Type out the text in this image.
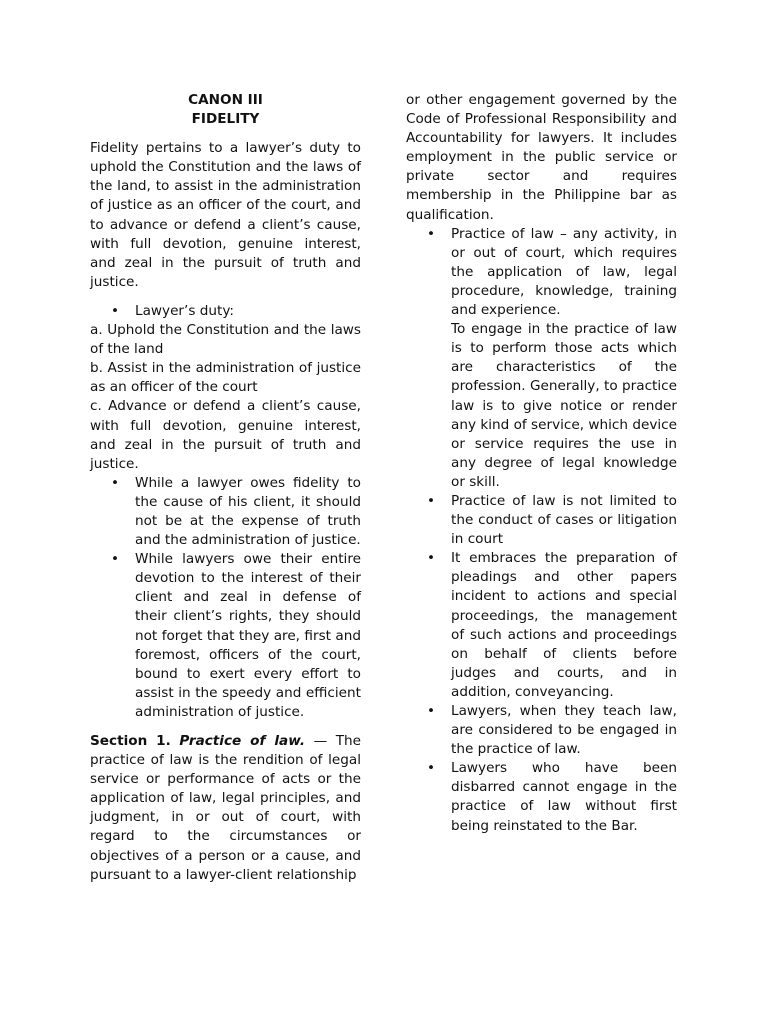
CANON III
FIDELITY

Fidelity pertains to a lawyer’s duty to uphold the Constitution and the laws of the land, to assist in the administration of justice as an officer of the court, and to advance or defend a client’s cause, with full devotion, genuine interest, and zeal in the pursuit of truth and justice.

• Lawyer’s duty:

a. Uphold the Constitution and the laws of the land

b. Assist in the administration of justice as an officer of the court

c. Advance or defend a client’s cause, with full devotion, genuine interest, and zeal in the pursuit of truth and justice.

• While a lawyer owes fidelity to the cause of his client, it should not be at the expense of truth and the administration of justice.
• While lawyers owe their entire devotion to the interest of their client and zeal in defense of their client’s rights, they should not forget that they are, first and foremost, officers of the court, bound to exert every effort to assist in the speedy and efficient administration of justice.

Section 1. Practice of law. — The practice of law is the rendition of legal service or performance of acts or the application of law, legal principles, and judgment, in or out of court, with regard to the circumstances or objectives of a person or a cause, and pursuant to a lawyer-client relationship

or other engagement governed by the Code of Professional Responsibility and Accountability for lawyers. It includes employment in the public service or private sector and requires membership in the Philippine bar as qualification.

• Practice of law – any activity, in or out of court, which requires the application of law, legal procedure, knowledge, training and experience.

To engage in the practice of law is to perform those acts which are characteristics of the profession. Generally, to practice law is to give notice or render any kind of service, which device or service requires the use in any degree of legal knowledge or skill.

• Practice of law is not limited to the conduct of cases or litigation in court
• It embraces the preparation of pleadings and other papers incident to actions and special proceedings, the management of such actions and proceedings on behalf of clients before judges and courts, and in addition, conveyancing.
• Lawyers, when they teach law, are considered to be engaged in the practice of law.
• Lawyers who have been disbarred cannot engage in the practice of law without first being reinstated to the Bar.
